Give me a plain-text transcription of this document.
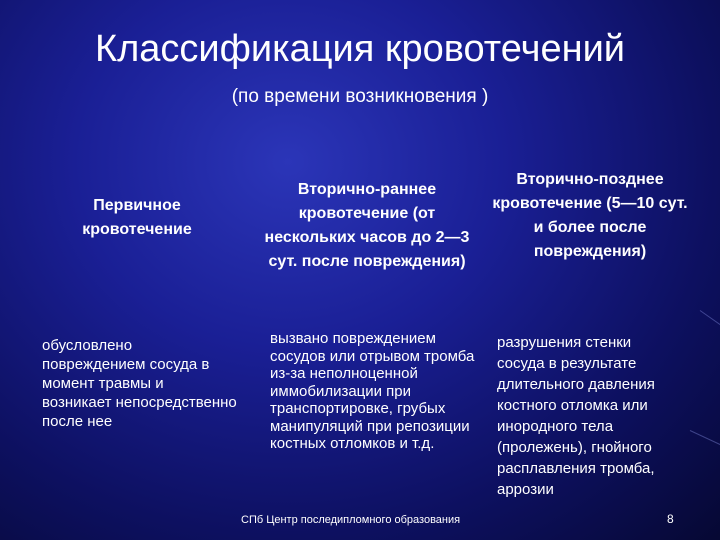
Классификация кровотечений
(по времени возникновения )
Первичное кровотечение
Вторично-раннее кровотечение (от нескольких часов до 2—3 сут. после повреждения)
Вторично-позднее кровотечение (5—10 сут. и более после повреждения)
обусловлено повреждением сосуда в момент травмы и возникает непосредственно после нее
вызвано повреждением сосудов или отрывом тромба из-за неполноценной иммобилизации при транспортировке, грубых манипуляций при репозиции костных отломков и т.д.
разрушения стенки сосуда в результате длительного давления костного отломка или инородного тела (пролежень), гнойного расплавления тромба, аррозии
СПб Центр последипломного образования	8
